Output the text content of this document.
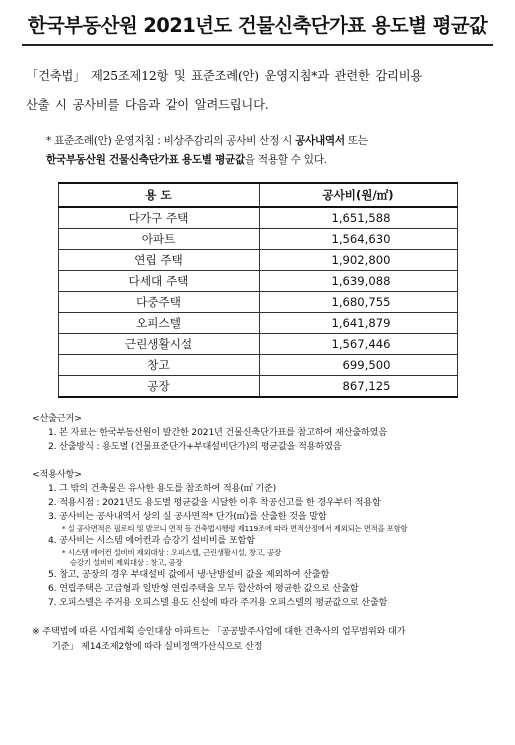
한국부동산원 2021년도 건물신축단가표 용도별 평균값
「건축법」 제25조제12항 및 표준조례(안) 운영지침*과 관련한 감리비용
산출 시 공사비를 다음과 같이 알려드립니다.
* 표준조례(안) 운영지침 : 비상주감리의 공사비 산정 시 공사내역서 또는
한국부동산원 건물신축단가표 용도별 평균값을 적용할 수 있다.
용 도	공사비(원/㎡)
다가구 주택	1,651,588
아파트	1,564,630
연립 주택	1,902,800
다세대 주택	1,639,088
다중주택	1,680,755
오피스텔	1,641,879
근린생활시설	1,567,446
창고	699,500
공장	867,125
<산출근거>
1. 본 자료는 한국부동산원이 발간한 2021년 건물신축단가표를 참고하여 재산출하였음
2. 산출방식 : 용도별 (건물표준단가+부대설비단가)의 평균값을 적용하였음
<적용사항>
1. 그 밖의 건축물은 유사한 용도를 참조하여 적용(㎡ 기준)
2. 적용시점 : 2021년도 용도별 평균값을 시달한 이후 착공신고를 한 경우부터 적용함
3. 공사비는 공사내역서 상의 실 공사면적* 단가(㎡)를 산출한 것을 말함
* 실 공사면적은 필로티 및 발코니 면적 등 건축법시행령 제119조에 따라 면적산정에서 제외되는 면적을 포함함
4. 공사비는 시스템 에어컨과 승강기 설비비를 포함함
* 시스템 에어컨 설비비 제외대상 : 오피스텔, 근린생활시설, 창고, 공장
승강기 설비비 제외대상 : 창고, 공장
5. 창고, 공장의 경우 부대설비 값에서 냉·난방설비 값을 제외하여 산출함
6. 연립주택은 고급형과 일반형 연립주택을 모두 합산하여 평균한 값으로 산출함
7. 오피스텔은 주거용 오피스텔 용도 신설에 따라 주거용 오피스텔의 평균값으로 산출함
※ 주택법에 따른 사업계획 승인대상 아파트는 「공공발주사업에 대한 건축사의 업무범위와 대가
기준」 제14조제2항에 따라 실비정액가산식으로 산정
